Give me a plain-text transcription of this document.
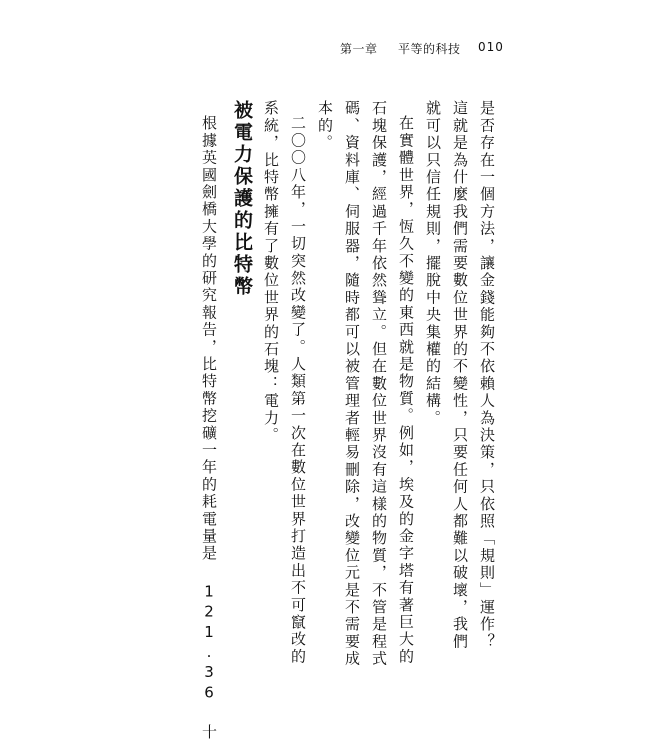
第一章 平等的科技 010
是否存在一個方法，讓金錢能夠不依賴人為決策，只依照「規則」運作？
這就是為什麼我們需要數位世界的不變性，只要任何人都難以破壞，我們
就可以只信任規則，擺脫中央集權的結構。
在實體世界，恆久不變的東西就是物質。例如，埃及的金字塔有著巨大的
石塊保護，經過千年依然聳立。但在數位世界沒有這樣的物質，不管是程式
碼、資料庫、伺服器，隨時都可以被管理者輕易刪除，改變位元是不需要成
本的。
二〇〇八年，一切突然改變了。人類第一次在數位世界打造出不可竄改的
系統，比特幣擁有了數位世界的石塊：電力。
被電力保護的比特幣
根據英國劍橋大學的研究報告，比特幣挖礦一年的耗電量是 121.36 十
